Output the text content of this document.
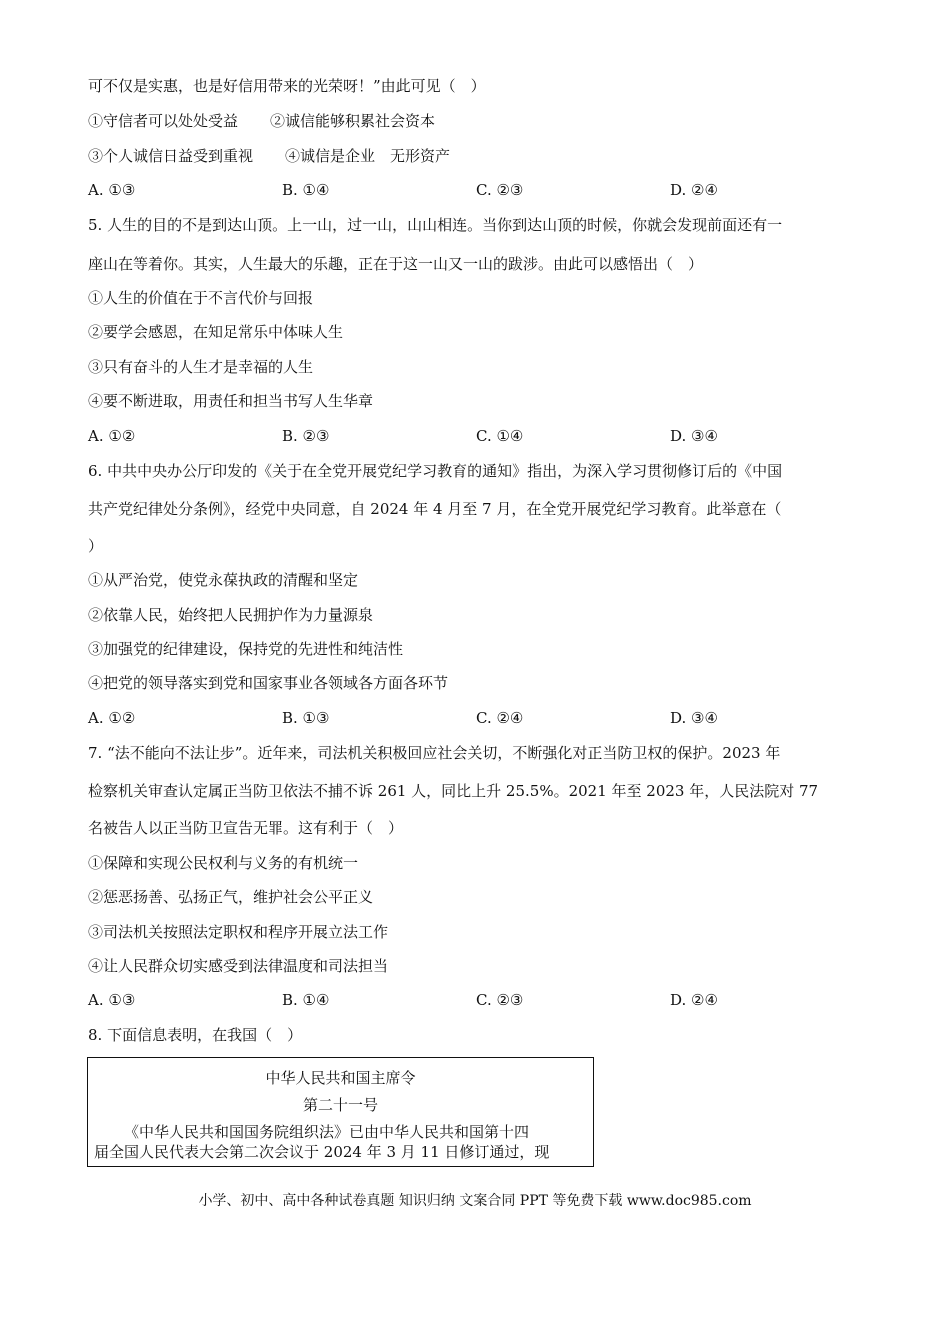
可不仅是实惠，也是好信用带来的光荣呀！”由此可见（　）
①守信者可以处处受益 ②诚信能够积累社会资本
③个人诚信日益受到重视 ④诚信是企业　无形资产
A. ①③	B. ①④	C. ②③	D. ②④
5. 人生的目的不是到达山顶。上一山，过一山，山山相连。当你到达山顶的时候，你就会发现前面还有一
座山在等着你。其实，人生最大的乐趣，正在于这一山又一山的跋涉。由此可以感悟出（　）
①人生的价值在于不言代价与回报
②要学会感恩，在知足常乐中体味人生
③只有奋斗的人生才是幸福的人生
④要不断进取，用责任和担当书写人生华章
A. ①②	B. ②③	C. ①④	D. ③④
6. 中共中央办公厅印发的《关于在全党开展党纪学习教育的通知》指出，为深入学习贯彻修订后的《中国
共产党纪律处分条例》，经党中央同意，自 2024 年 4 月至 7 月，在全党开展党纪学习教育。此举意在（
）
①从严治党，使党永葆执政的清醒和坚定
②依靠人民，始终把人民拥护作为力量源泉
③加强党的纪律建设，保持党的先进性和纯洁性
④把党的领导落实到党和国家事业各领域各方面各环节
A. ①②	B. ①③	C. ②④	D. ③④
7. “法不能向不法让步”。近年来，司法机关积极回应社会关切，不断强化对正当防卫权的保护。2023 年
检察机关审查认定属正当防卫依法不捕不诉 261 人，同比上升 25.5%。2021 年至 2023 年，人民法院对 77
名被告人以正当防卫宣告无罪。这有利于（　）
①保障和实现公民权利与义务的有机统一
②惩恶扬善、弘扬正气，维护社会公平正义
③司法机关按照法定职权和程序开展立法工作
④让人民群众切实感受到法律温度和司法担当
A. ①③	B. ①④	C. ②③	D. ②④
8. 下面信息表明，在我国（　）
中华人民共和国主席令
第二十一号
《中华人民共和国国务院组织法》已由中华人民共和国第十四
届全国人民代表大会第二次会议于 2024 年 3 月 11 日修订通过，现
小学、初中、高中各种试卷真题 知识归纳 文案合同 PPT 等免费下载 www.doc985.com
